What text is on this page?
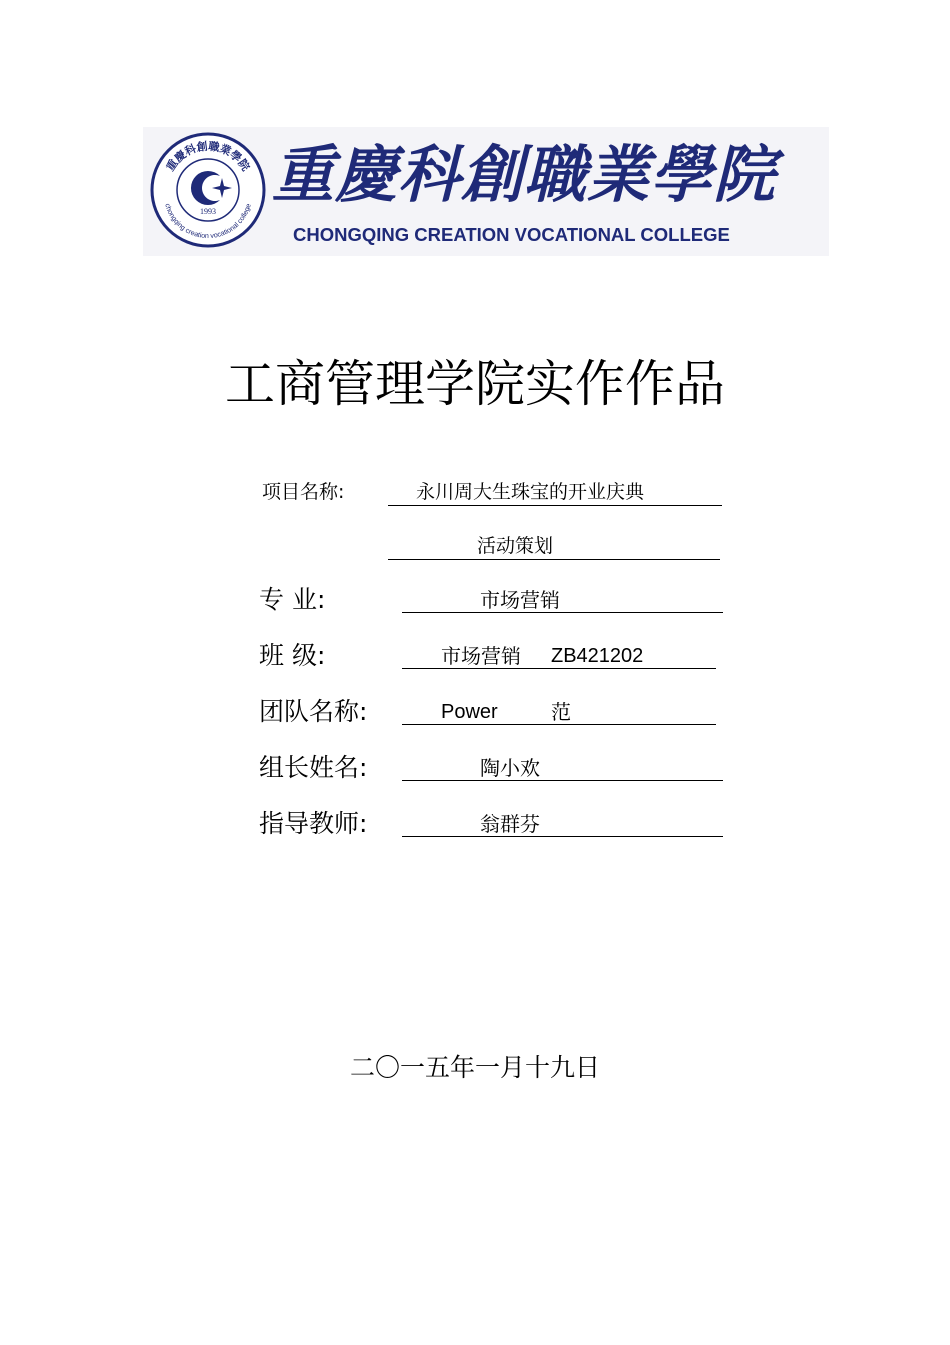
重慶科創職業學院
chongqing creation vocational college
1993
重慶科創職業學院
CHONGQING CREATION VOCATIONAL COLLEGE
工商管理学院实作作品
项目名称:	永川周大生珠宝的开业庆典
活动策划
专 业:	市场营销
班 级:	市场营销 ZB421202
团队名称:	Power	范
组长姓名:	陶小欢
指导教师:	翁群芬
二〇一五年一月十九日
